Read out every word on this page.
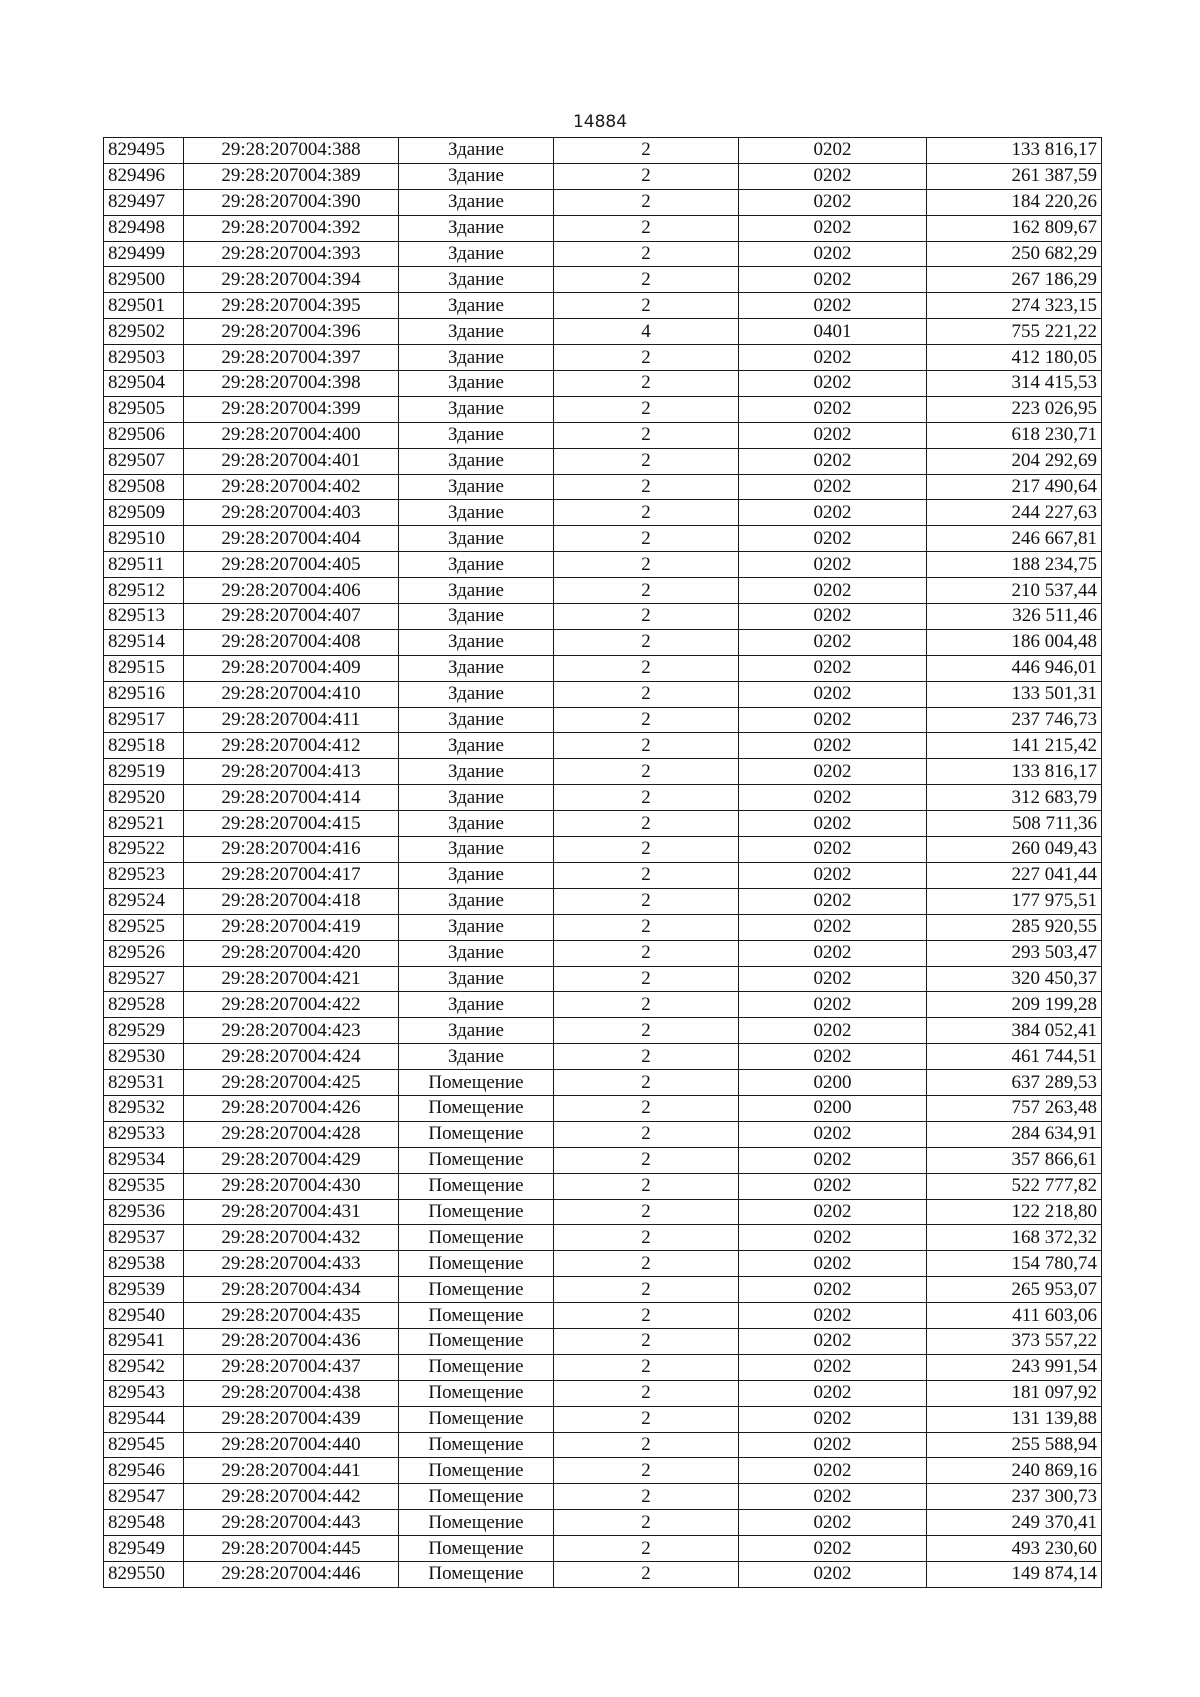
14884
829495	29:28:207004:388	Здание	2	0202	133 816,17
829496	29:28:207004:389	Здание	2	0202	261 387,59
829497	29:28:207004:390	Здание	2	0202	184 220,26
829498	29:28:207004:392	Здание	2	0202	162 809,67
829499	29:28:207004:393	Здание	2	0202	250 682,29
829500	29:28:207004:394	Здание	2	0202	267 186,29
829501	29:28:207004:395	Здание	2	0202	274 323,15
829502	29:28:207004:396	Здание	4	0401	755 221,22
829503	29:28:207004:397	Здание	2	0202	412 180,05
829504	29:28:207004:398	Здание	2	0202	314 415,53
829505	29:28:207004:399	Здание	2	0202	223 026,95
829506	29:28:207004:400	Здание	2	0202	618 230,71
829507	29:28:207004:401	Здание	2	0202	204 292,69
829508	29:28:207004:402	Здание	2	0202	217 490,64
829509	29:28:207004:403	Здание	2	0202	244 227,63
829510	29:28:207004:404	Здание	2	0202	246 667,81
829511	29:28:207004:405	Здание	2	0202	188 234,75
829512	29:28:207004:406	Здание	2	0202	210 537,44
829513	29:28:207004:407	Здание	2	0202	326 511,46
829514	29:28:207004:408	Здание	2	0202	186 004,48
829515	29:28:207004:409	Здание	2	0202	446 946,01
829516	29:28:207004:410	Здание	2	0202	133 501,31
829517	29:28:207004:411	Здание	2	0202	237 746,73
829518	29:28:207004:412	Здание	2	0202	141 215,42
829519	29:28:207004:413	Здание	2	0202	133 816,17
829520	29:28:207004:414	Здание	2	0202	312 683,79
829521	29:28:207004:415	Здание	2	0202	508 711,36
829522	29:28:207004:416	Здание	2	0202	260 049,43
829523	29:28:207004:417	Здание	2	0202	227 041,44
829524	29:28:207004:418	Здание	2	0202	177 975,51
829525	29:28:207004:419	Здание	2	0202	285 920,55
829526	29:28:207004:420	Здание	2	0202	293 503,47
829527	29:28:207004:421	Здание	2	0202	320 450,37
829528	29:28:207004:422	Здание	2	0202	209 199,28
829529	29:28:207004:423	Здание	2	0202	384 052,41
829530	29:28:207004:424	Здание	2	0202	461 744,51
829531	29:28:207004:425	Помещение	2	0200	637 289,53
829532	29:28:207004:426	Помещение	2	0200	757 263,48
829533	29:28:207004:428	Помещение	2	0202	284 634,91
829534	29:28:207004:429	Помещение	2	0202	357 866,61
829535	29:28:207004:430	Помещение	2	0202	522 777,82
829536	29:28:207004:431	Помещение	2	0202	122 218,80
829537	29:28:207004:432	Помещение	2	0202	168 372,32
829538	29:28:207004:433	Помещение	2	0202	154 780,74
829539	29:28:207004:434	Помещение	2	0202	265 953,07
829540	29:28:207004:435	Помещение	2	0202	411 603,06
829541	29:28:207004:436	Помещение	2	0202	373 557,22
829542	29:28:207004:437	Помещение	2	0202	243 991,54
829543	29:28:207004:438	Помещение	2	0202	181 097,92
829544	29:28:207004:439	Помещение	2	0202	131 139,88
829545	29:28:207004:440	Помещение	2	0202	255 588,94
829546	29:28:207004:441	Помещение	2	0202	240 869,16
829547	29:28:207004:442	Помещение	2	0202	237 300,73
829548	29:28:207004:443	Помещение	2	0202	249 370,41
829549	29:28:207004:445	Помещение	2	0202	493 230,60
829550	29:28:207004:446	Помещение	2	0202	149 874,14
